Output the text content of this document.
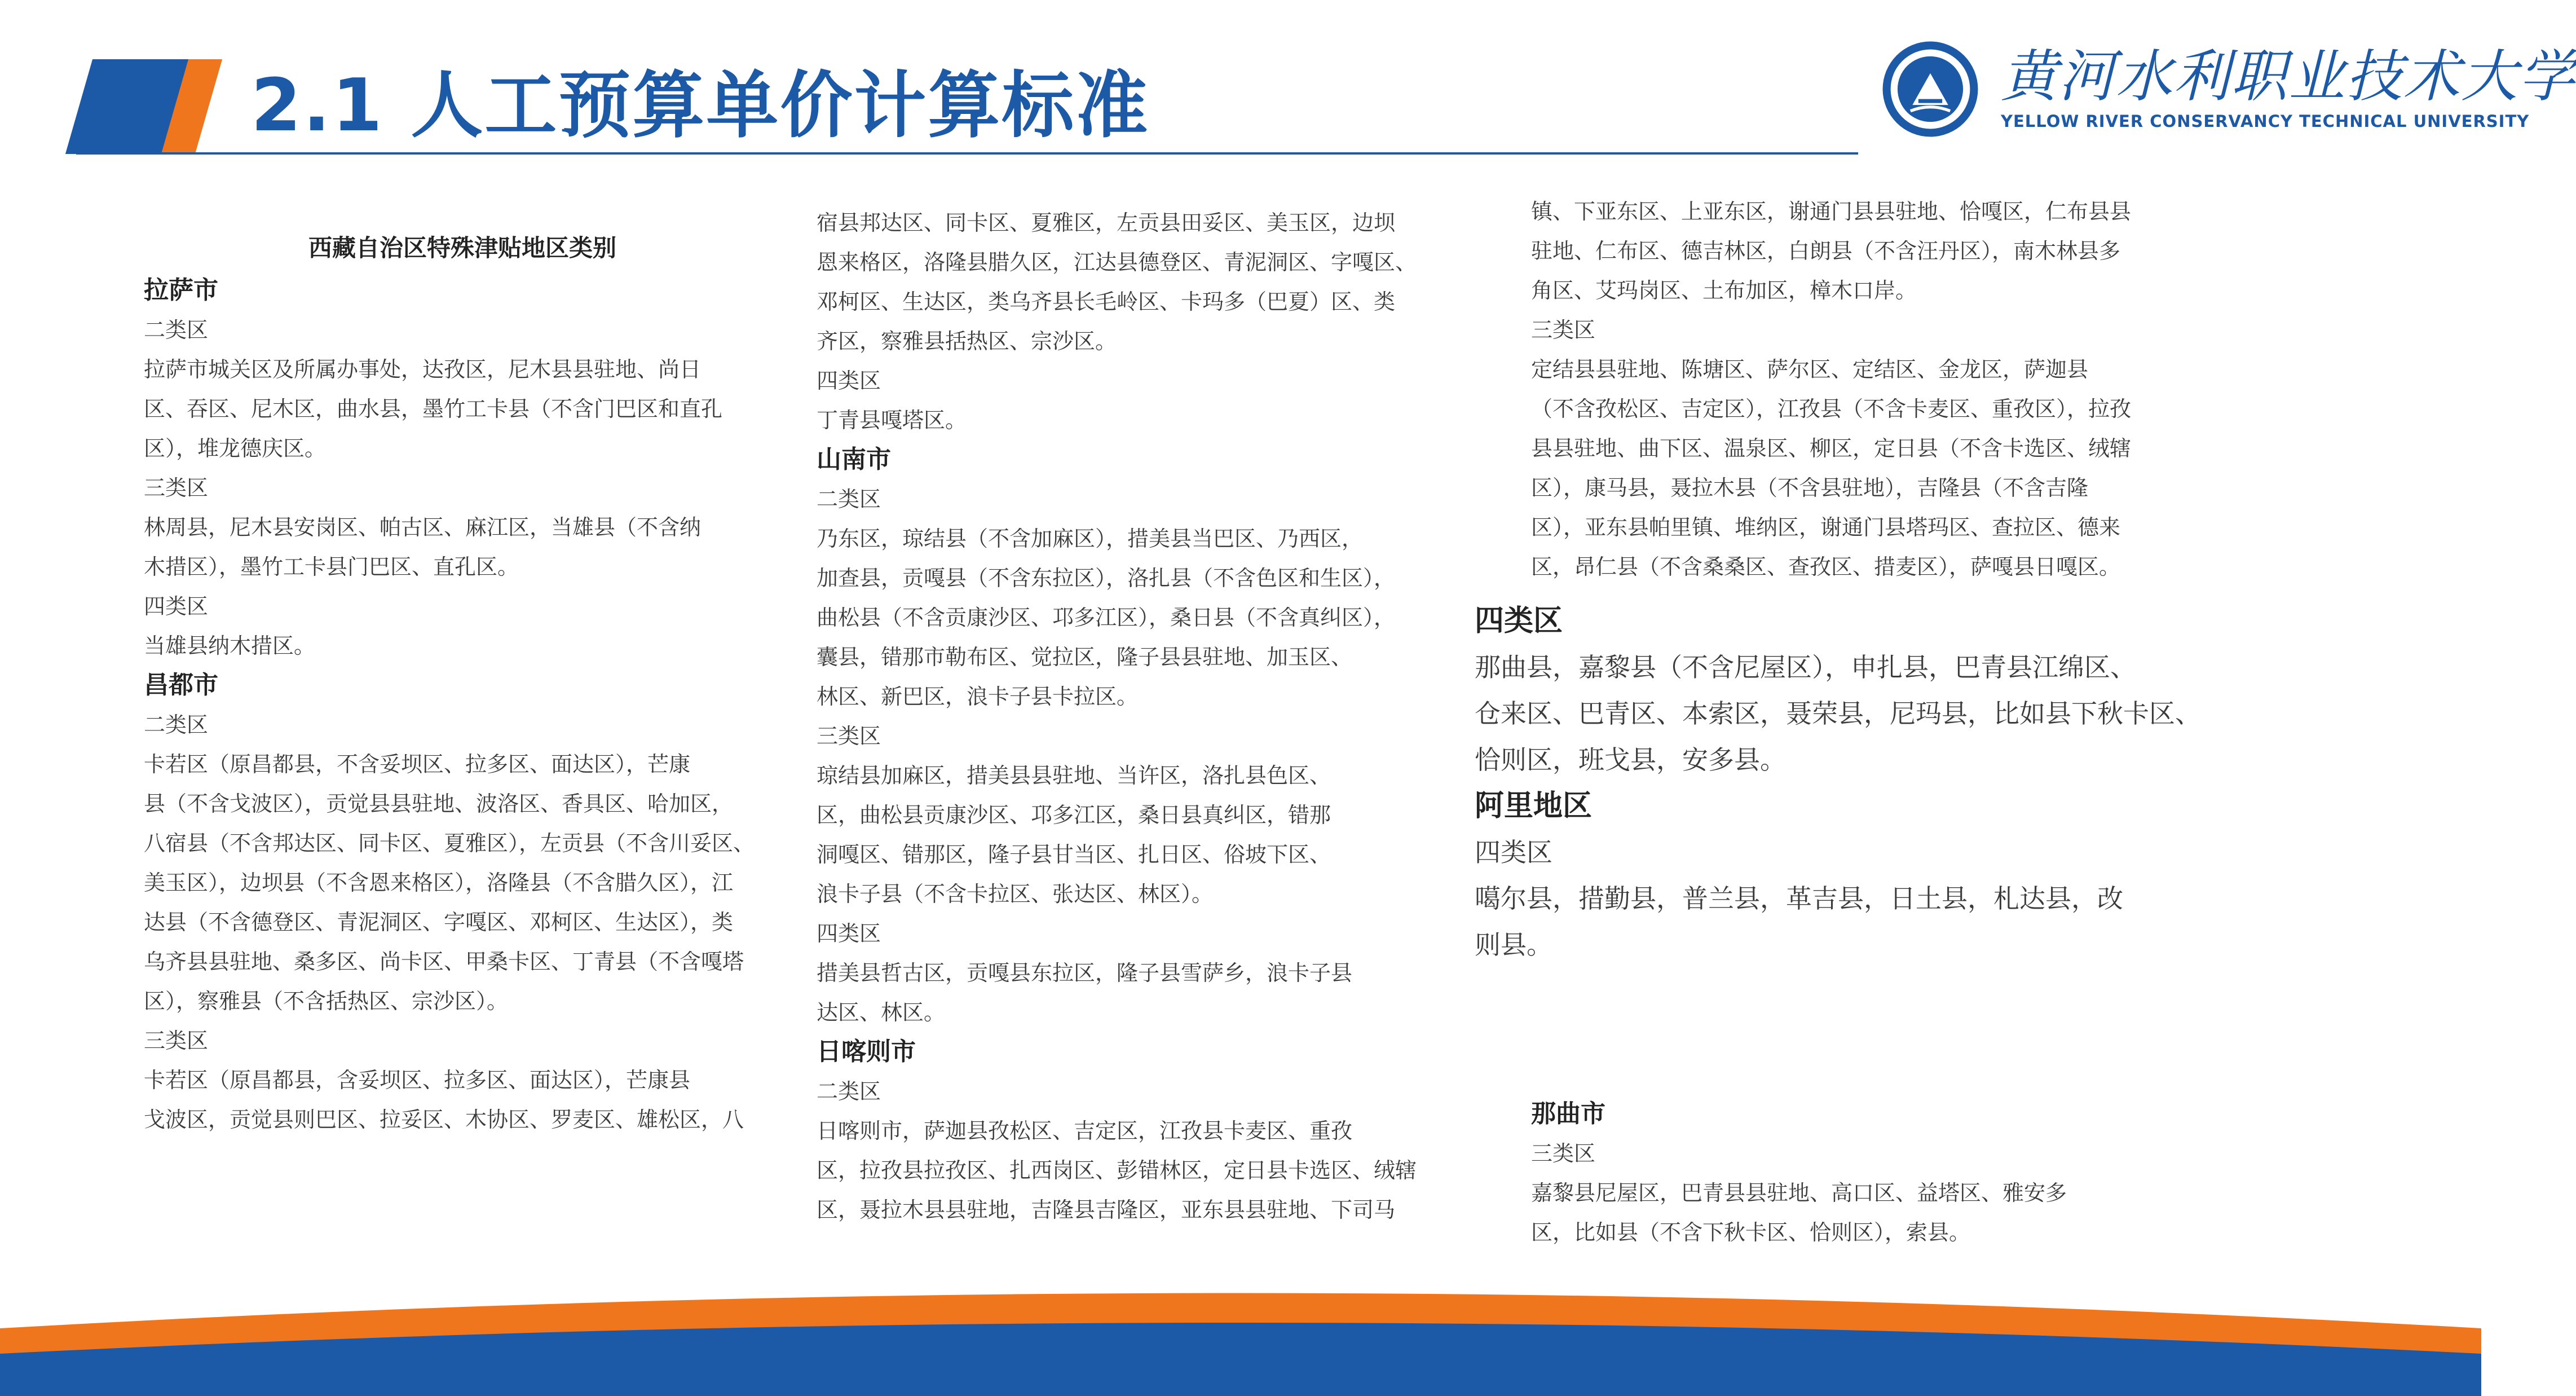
2.1 人工预算单价计算标准	黄河水利职业技术大学
YELLOW RIVER CONSERVANCY TECHNICAL UNIVERSITY
西藏自治区特殊津贴地区类别
拉萨市
二类区
拉萨市城关区及所属办事处，达孜区，尼木县县驻地、尚日
区、吞区、尼木区，曲水县，墨竹工卡县（不含门巴区和直孔
区），堆龙德庆区。
三类区
林周县，尼木县安岗区、帕古区、麻江区，当雄县（不含纳
木措区），墨竹工卡县门巴区、直孔区。
四类区
当雄县纳木措区。
昌都市
二类区
卡若区（原昌都县，不含妥坝区、拉多区、面达区），芒康
县（不含戈波区），贡觉县县驻地、波洛区、香具区、哈加区，
八宿县（不含邦达区、同卡区、夏雅区），左贡县（不含川妥区、
美玉区），边坝县（不含恩来格区），洛隆县（不含腊久区），江
达县（不含德登区、青泥洞区、字嘎区、邓柯区、生达区），类
乌齐县县驻地、桑多区、尚卡区、甲桑卡区、丁青县（不含嘎塔
区），察雅县（不含括热区、宗沙区）。
三类区
卡若区（原昌都县，含妥坝区、拉多区、面达区），芒康县
戈波区，贡觉县则巴区、拉妥区、木协区、罗麦区、雄松区，八
宿县邦达区、同卡区、夏雅区，左贡县田妥区、美玉区，边坝
恩来格区，洛隆县腊久区，江达县德登区、青泥洞区、字嘎区、
邓柯区、生达区，类乌齐县长毛岭区、卡玛多（巴夏）区、类
齐区，察雅县括热区、宗沙区。
四类区
丁青县嘎塔区。
山南市
二类区
乃东区，琼结县（不含加麻区），措美县当巴区、乃西区，
加查县，贡嘎县（不含东拉区），洛扎县（不含色区和生区），
曲松县（不含贡康沙区、邛多江区），桑日县（不含真纠区），
囊县，错那市勒布区、觉拉区，隆子县县驻地、加玉区、
林区、新巴区，浪卡子县卡拉区。
三类区
琼结县加麻区，措美县县驻地、当许区，洛扎县色区、
区，曲松县贡康沙区、邛多江区，桑日县真纠区，错那
洞嘎区、错那区，隆子县甘当区、扎日区、俗坡下区、
浪卡子县（不含卡拉区、张达区、林区）。
四类区
措美县哲古区，贡嘎县东拉区，隆子县雪萨乡，浪卡子县
达区、林区。
日喀则市
二类区
日喀则市，萨迦县孜松区、吉定区，江孜县卡麦区、重孜
区，拉孜县拉孜区、扎西岗区、彭错林区，定日县卡选区、绒辖
区，聂拉木县县驻地，吉隆县吉隆区，亚东县县驻地、下司马
镇、下亚东区、上亚东区，谢通门县县驻地、恰嘎区，仁布县县
驻地、仁布区、德吉林区，白朗县（不含汪丹区），南木林县多
角区、艾玛岗区、土布加区，樟木口岸。
三类区
定结县县驻地、陈塘区、萨尔区、定结区、金龙区，萨迦县
（不含孜松区、吉定区），江孜县（不含卡麦区、重孜区），拉孜
县县驻地、曲下区、温泉区、柳区，定日县（不含卡选区、绒辖
区），康马县，聂拉木县（不含县驻地），吉隆县（不含吉隆
区），亚东县帕里镇、堆纳区，谢通门县塔玛区、查拉区、德来
区，昂仁县（不含桑桑区、查孜区、措麦区），萨嘎县日嘎区。
四类区
那曲县，嘉黎县（不含尼屋区），申扎县，巴青县江绵区、
仓来区、巴青区、本索区，聂荣县，尼玛县，比如县下秋卡区、
恰则区，班戈县，安多县。
阿里地区
四类区
噶尔县，措勤县，普兰县，革吉县，日土县，札达县，改
则县。
那曲市
三类区
嘉黎县尼屋区，巴青县县驻地、高口区、益塔区、雅安多
区，比如县（不含下秋卡区、恰则区），索县。
